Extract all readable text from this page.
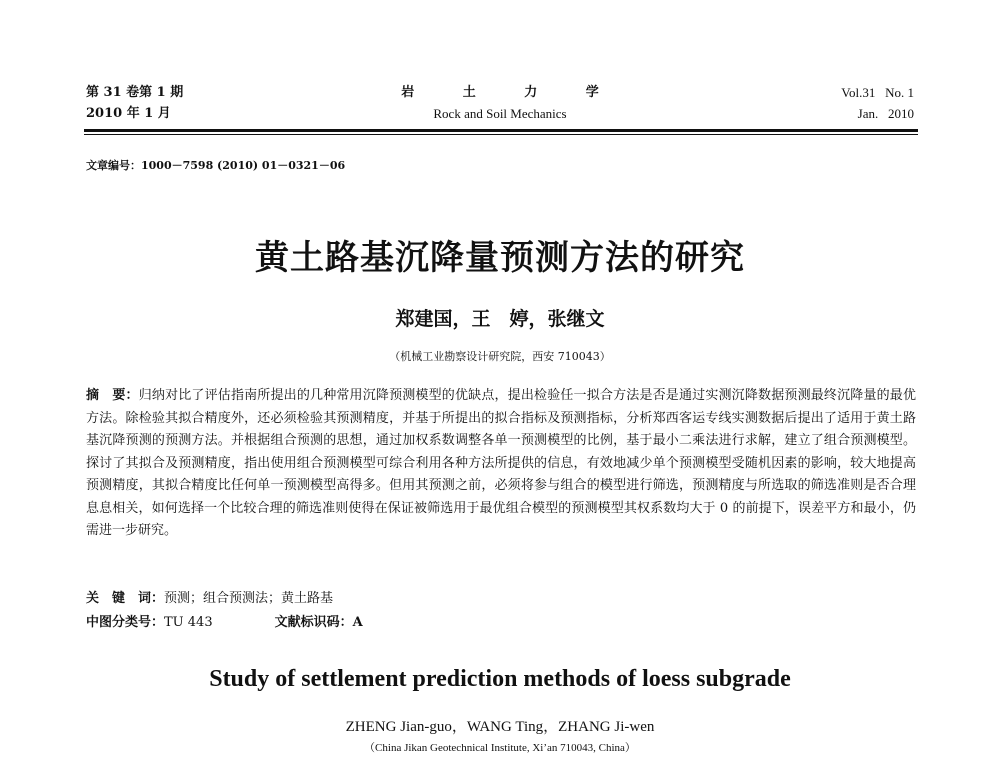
第 31 卷第 1 期
2010 年 1 月
岩 土 力 学
Rock and Soil Mechanics
Vol.31   No. 1
Jan.   2010
文章编号：1000－7598 (2010) 01－0321－06
黄土路基沉降量预测方法的研究
郑建国，王　婷，张继文
（机械工业勘察设计研究院，西安 710043）
摘　要：归纳对比了评估指南所提出的几种常用沉降预测模型的优缺点，提出检验任一拟合方法是否是通过实测沉降数据预测最终沉降量的最优方法。除检验其拟合精度外，还必须检验其预测精度，并基于所提出的拟合指标及预测指标，分析郑西客运专线实测数据后提出了适用于黄土路基沉降预测的预测方法。并根据组合预测的思想，通过加权系数调整各单一预测模型的比例，基于最小二乘法进行求解，建立了组合预测模型。探讨了其拟合及预测精度，指出使用组合预测模型可综合利用各种方法所提供的信息，有效地减少单个预测模型受随机因素的影响，较大地提高预测精度，其拟合精度比任何单一预测模型高得多。但用其预测之前，必须将参与组合的模型进行筛选，预测精度与所选取的筛选准则是否合理息息相关，如何选择一个比较合理的筛选准则使得在保证被筛选用于最优组合模型的预测模型其权系数均大于 0 的前提下，误差平方和最小，仍需进一步研究。
关　键　词：预测；组合预测法；黄土路基
中图分类号：TU 443	文献标识码：A
Study of settlement prediction methods of loess subgrade
ZHENG Jian-guo，WANG Ting，ZHANG Ji-wen
（China Jikan Geotechnical Institute, Xi’an 710043, China）
